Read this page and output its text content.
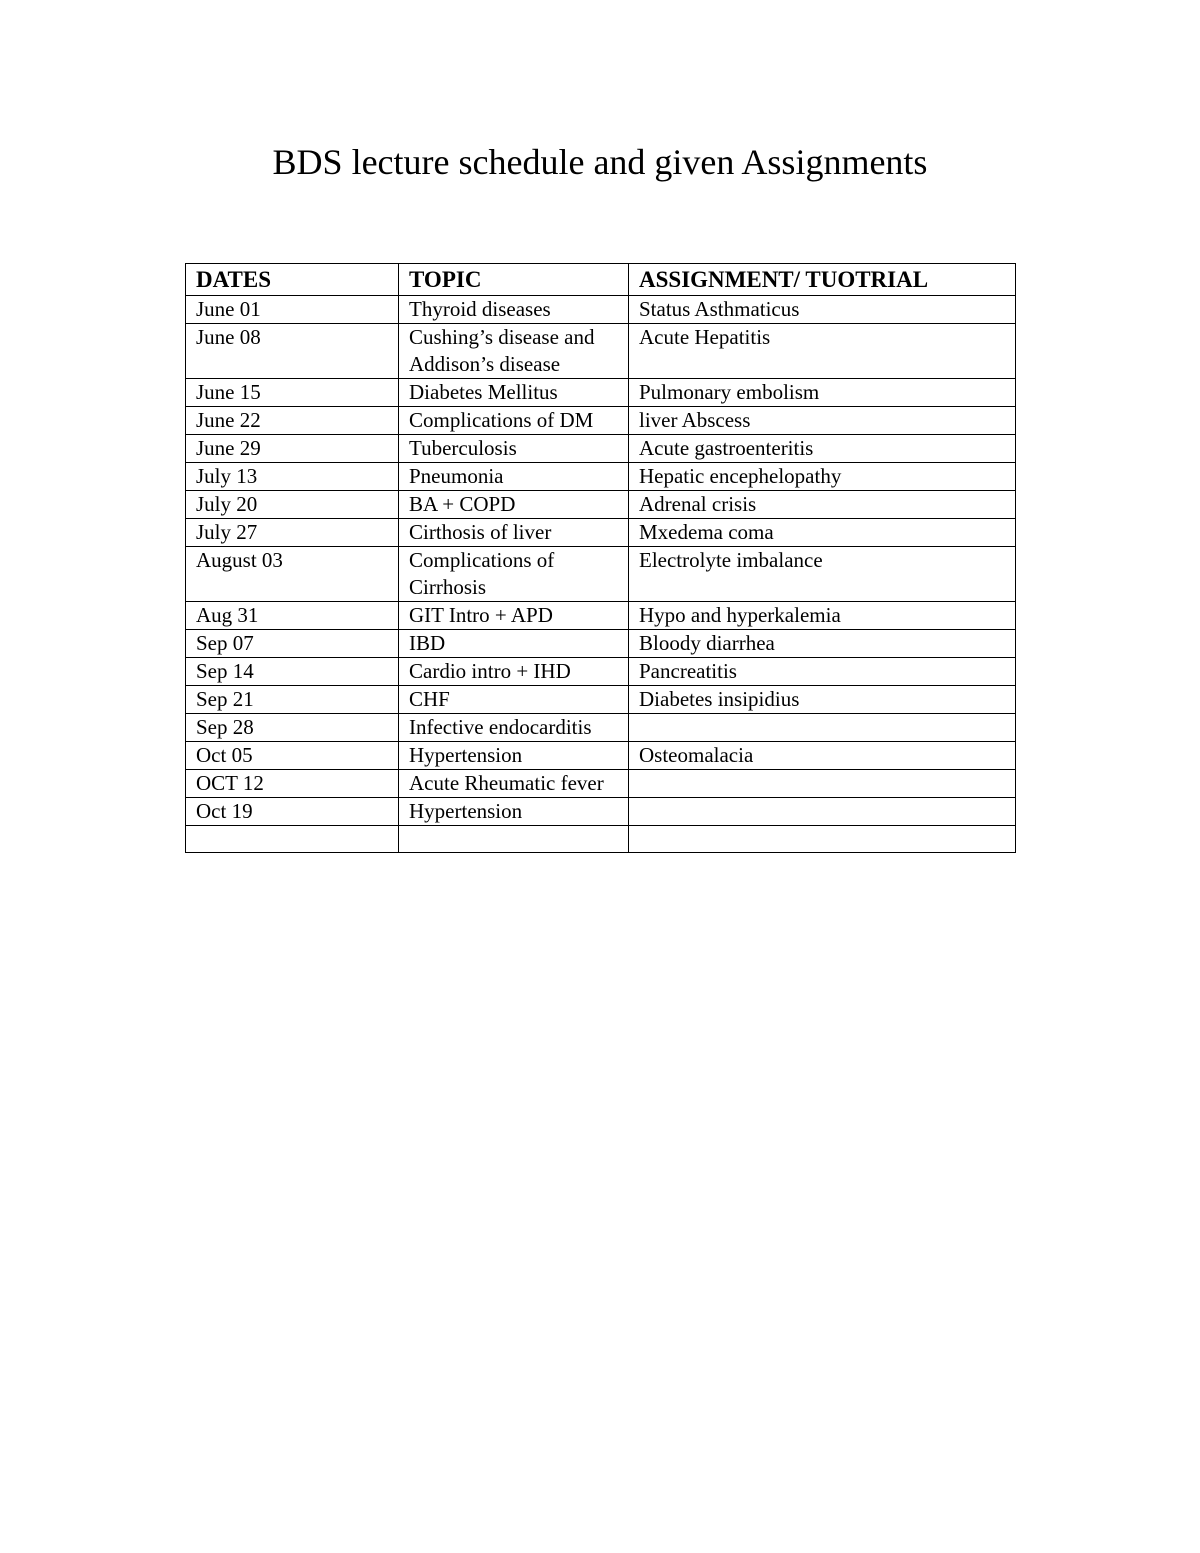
BDS lecture schedule and given Assignments
DATES	TOPIC	ASSIGNMENT/ TUOTRIAL
June 01	Thyroid diseases	Status Asthmaticus
June 08	Cushing’s disease and Addison’s disease	Acute Hepatitis
June 15	Diabetes Mellitus	Pulmonary embolism
June 22	Complications of DM	liver Abscess
June 29	Tuberculosis	Acute gastroenteritis
July 13	Pneumonia	Hepatic encephelopathy
July 20	BA + COPD	Adrenal crisis
July 27	Cirthosis of liver	Mxedema coma
August 03	Complications of Cirrhosis	Electrolyte imbalance
Aug 31	GIT Intro + APD	Hypo and hyperkalemia
Sep 07	IBD	Bloody diarrhea
Sep 14	Cardio intro + IHD	Pancreatitis
Sep 21	CHF	Diabetes insipidius
Sep 28	Infective endocarditis	
Oct 05	Hypertension	Osteomalacia
OCT 12	Acute Rheumatic fever	
Oct 19	Hypertension	
